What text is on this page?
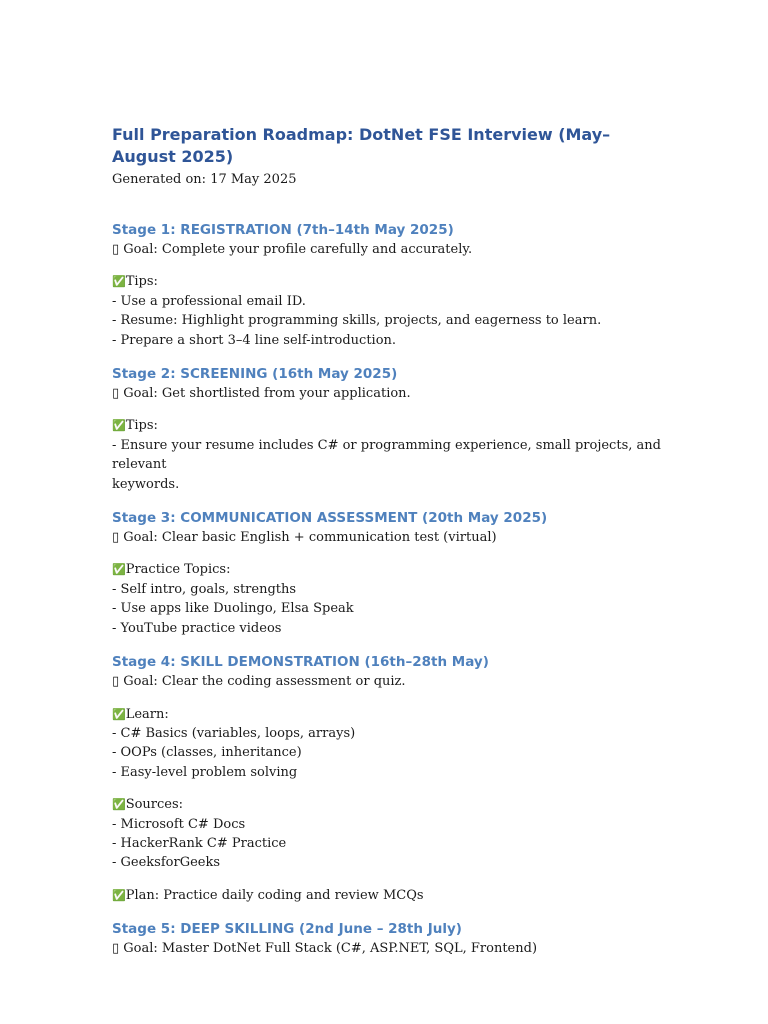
Full Preparation Roadmap: DotNet FSE Interview (May–August 2025)

Generated on: 17 May 2025

Stage 1: REGISTRATION (7th–14th May 2025)

▯ Goal: Complete your profile carefully and accurately.

✅Tips:

- Use a professional email ID.

- Resume: Highlight programming skills, projects, and eagerness to learn.

- Prepare a short 3–4 line self-introduction.

Stage 2: SCREENING (16th May 2025)

▯ Goal: Get shortlisted from your application.

✅Tips:

- Ensure your resume includes C# or programming experience, small projects, and relevant

keywords.

Stage 3: COMMUNICATION ASSESSMENT (20th May 2025)

▯ Goal: Clear basic English + communication test (virtual)

✅Practice Topics:

- Self intro, goals, strengths

- Use apps like Duolingo, Elsa Speak

- YouTube practice videos

Stage 4: SKILL DEMONSTRATION (16th–28th May)

▯ Goal: Clear the coding assessment or quiz.

✅Learn:

- C# Basics (variables, loops, arrays)

- OOPs (classes, inheritance)

- Easy-level problem solving

✅Sources:

- Microsoft C# Docs

- HackerRank C# Practice

- GeeksforGeeks

✅Plan: Practice daily coding and review MCQs

Stage 5: DEEP SKILLING (2nd June – 28th July)

▯ Goal: Master DotNet Full Stack (C#, ASP.NET, SQL, Frontend)
